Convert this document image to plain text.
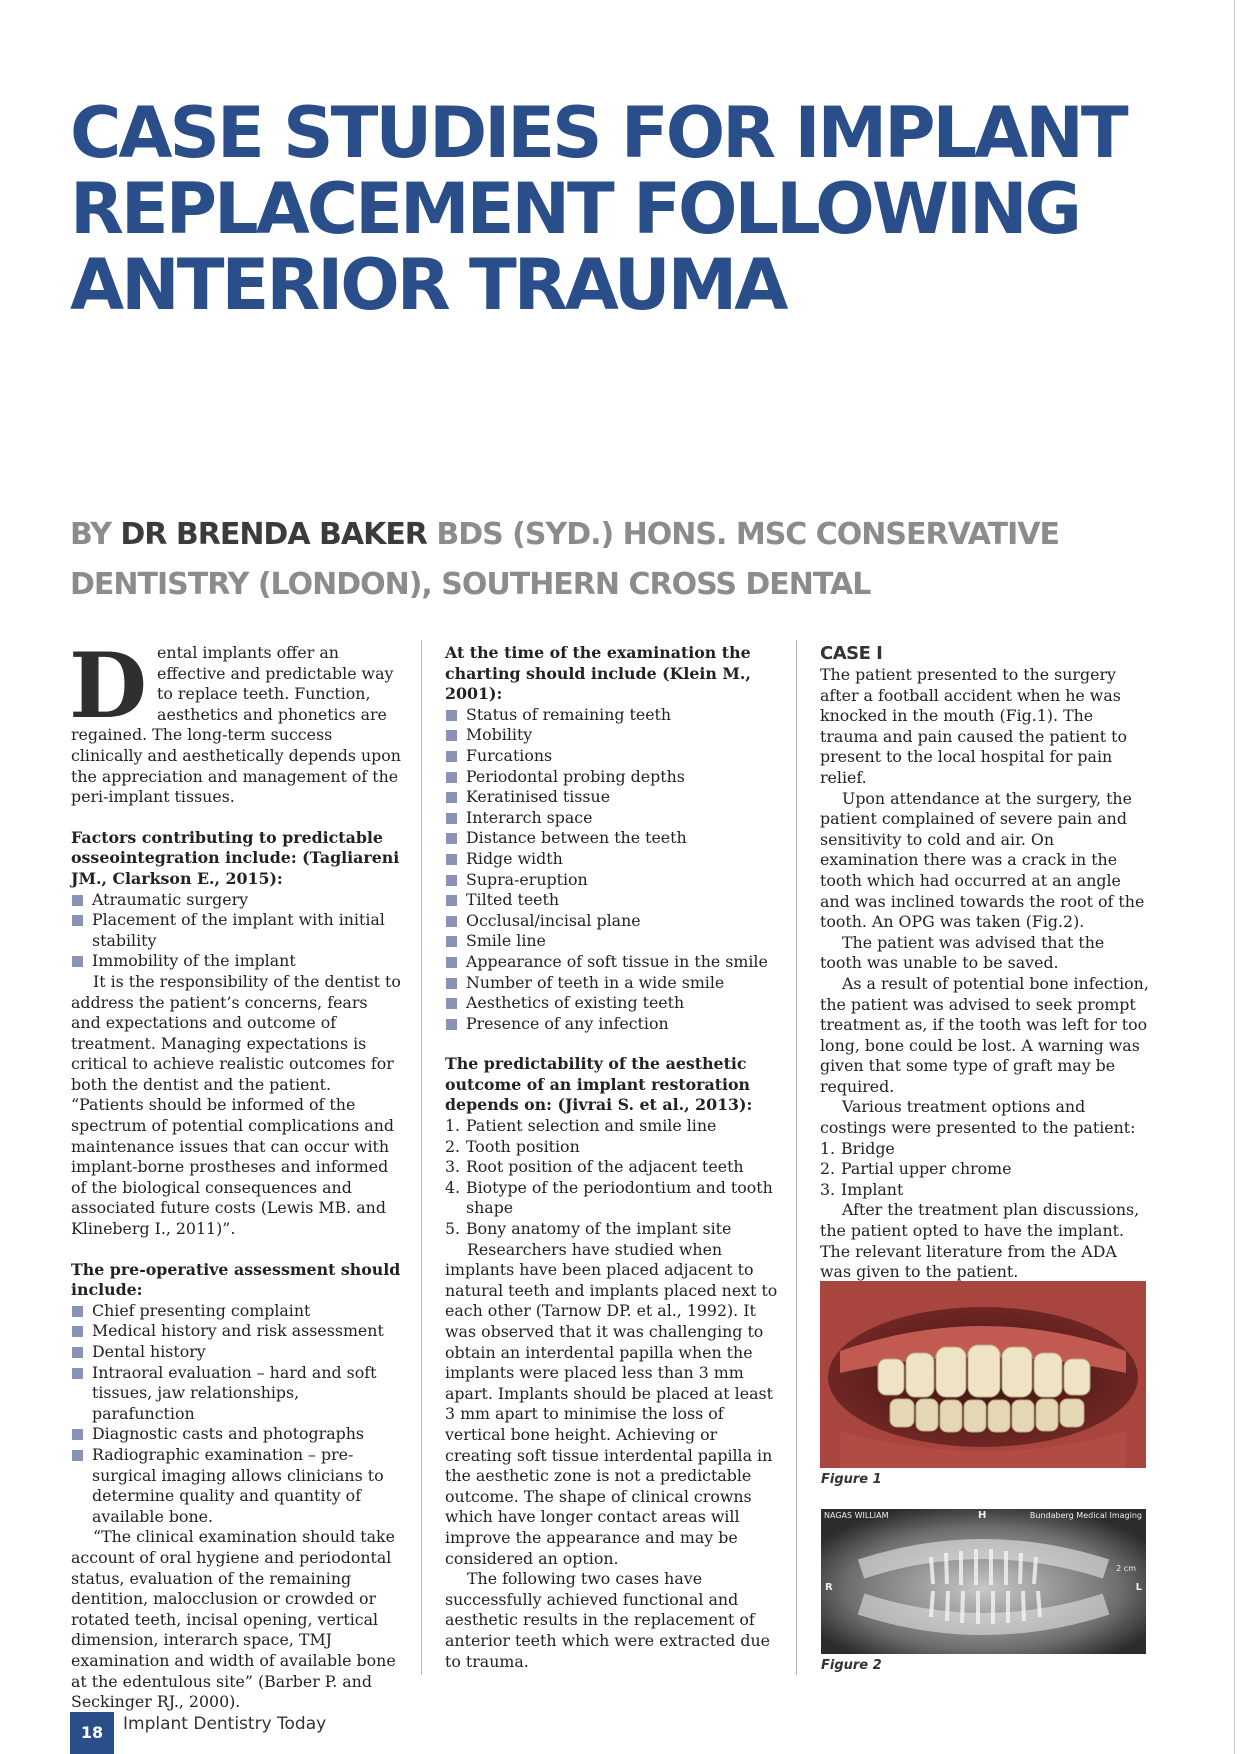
CASE STUDIES FOR IMPLANT
REPLACEMENT FOLLOWING
ANTERIOR TRAUMA
BY DR BRENDA BAKER BDS (SYD.) HONS. MSC CONSERVATIVE
DENTISTRY (LONDON), SOUTHERN CROSS DENTAL

Dental implants offer an effective and predictable way to replace teeth. Function, aesthetics and phonetics are regained. The long-term success clinically and aesthetically depends upon the appreciation and management of the peri-implant tissues.

Factors contributing to predictable osseointegration include: (Tagliareni JM., Clarkson E., 2015):

Atraumatic surgery
Placement of the implant with initial stability
Immobility of the implant

It is the responsibility of the dentist to address the patient’s concerns, fears and expectations and outcome of treatment. Managing expectations is critical to achieve realistic outcomes for both the dentist and the patient. “Patients should be informed of the spectrum of potential complications and maintenance issues that can occur with implant-borne prostheses and informed of the biological consequences and associated future costs (Lewis MB. and Klineberg I., 2011)”.

The pre-operative assessment should include:

Chief presenting complaint
Medical history and risk assessment
Dental history
Intraoral evaluation – hard and soft tissues, jaw relationships, parafunction
Diagnostic casts and photographs
Radiographic examination – pre-surgical imaging allows clinicians to determine quality and quantity of available bone.

“The clinical examination should take account of oral hygiene and periodontal status, evaluation of the remaining dentition, malocclusion or crowded or rotated teeth, incisal opening, vertical dimension, interarch space, TMJ examination and width of available bone at the edentulous site” (Barber P. and Seckinger RJ., 2000).

At the time of the examination the charting should include (Klein M., 2001):

Status of remaining teeth
Mobility
Furcations
Periodontal probing depths
Keratinised tissue
Interarch space
Distance between the teeth
Ridge width
Supra-eruption
Tilted teeth
Occlusal/incisal plane
Smile line
Appearance of soft tissue in the smile
Number of teeth in a wide smile
Aesthetics of existing teeth
Presence of any infection

The predictability of the aesthetic outcome of an implant restoration depends on: (Jivrai S. et al., 2013):

1. Patient selection and smile line
2. Tooth position
3. Root position of the adjacent teeth
4. Biotype of the periodontium and tooth shape
5. Bony anatomy of the implant site

Researchers have studied when implants have been placed adjacent to natural teeth and implants placed next to each other (Tarnow DP. et al., 1992). It was observed that it was challenging to obtain an interdental papilla when the implants were placed less than 3 mm apart. Implants should be placed at least 3 mm apart to minimise the loss of vertical bone height. Achieving or creating soft tissue interdental papilla in the aesthetic zone is not a predictable outcome. The shape of clinical crowns which have longer contact areas will improve the appearance and may be considered an option.

The following two cases have successfully achieved functional and aesthetic results in the replacement of anterior teeth which were extracted due to trauma.

CASE I

The patient presented to the surgery after a football accident when he was knocked in the mouth (Fig.1). The trauma and pain caused the patient to present to the local hospital for pain relief.

Upon attendance at the surgery, the patient complained of severe pain and sensitivity to cold and air. On examination there was a crack in the tooth which had occurred at an angle and was inclined towards the root of the tooth. An OPG was taken (Fig.2).

The patient was advised that the tooth was unable to be saved.

As a result of potential bone infection, the patient was advised to seek prompt treatment as, if the tooth was left for too long, bone could be lost. A warning was given that some type of graft may be required.

Various treatment options and costings were presented to the patient:

1. Bridge
2. Partial upper chrome
3. Implant

After the treatment plan discussions, the patient opted to have the implant. The relevant literature from the ADA was given to the patient.

Figure 1
NAGAS WILLIAM	Bundaberg Medical Imaging
H
R	L
2 cm
Figure 2
18	Implant Dentistry Today
